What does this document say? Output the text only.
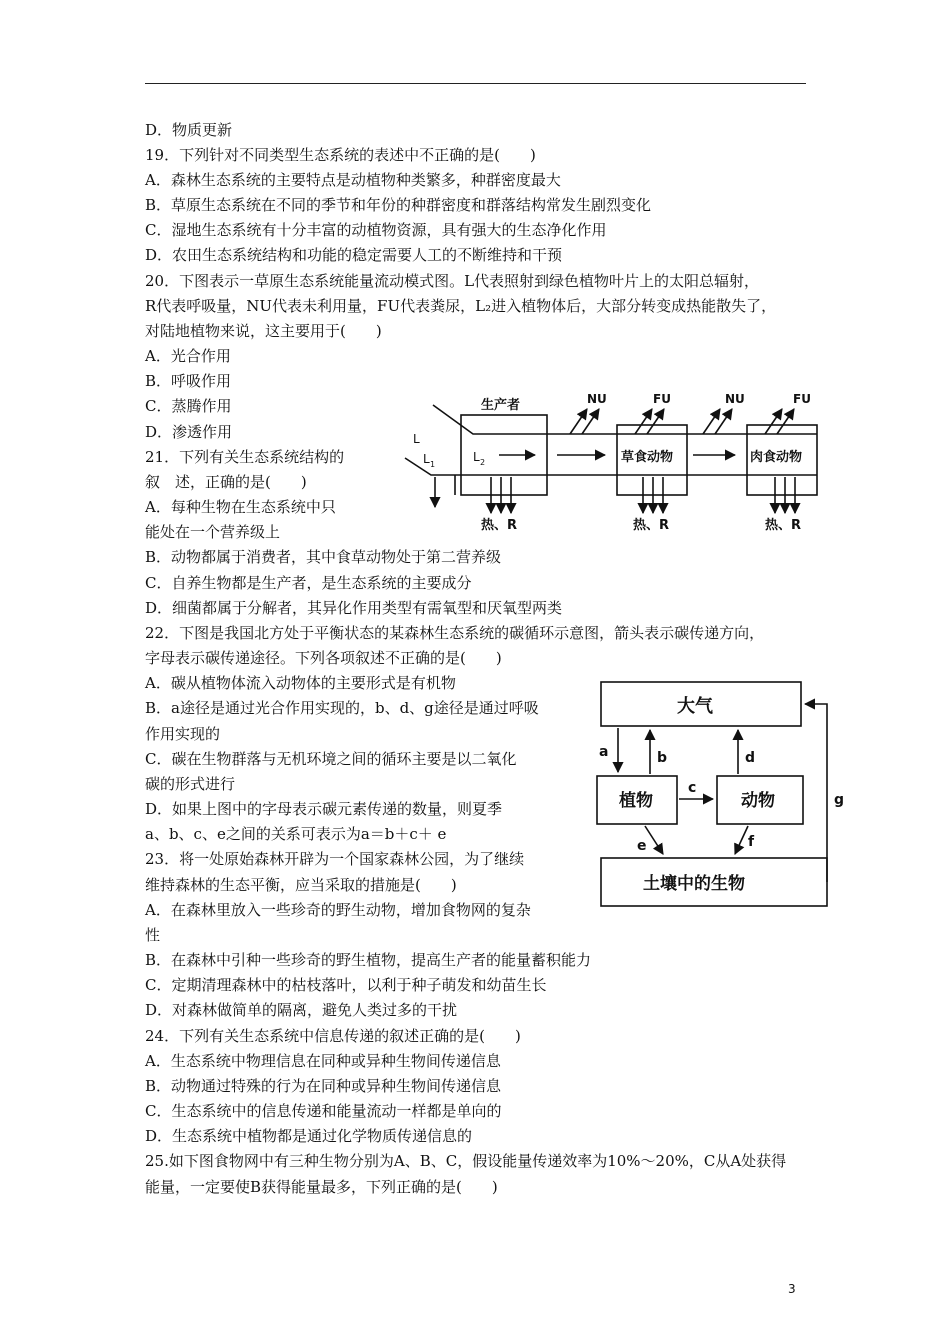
D．物质更新
19．下列针对不同类型生态系统的表述中不正确的是(　　)
A．森林生态系统的主要特点是动植物种类繁多，种群密度最大
B．草原生态系统在不同的季节和年份的种群密度和群落结构常发生剧烈变化
C．湿地生态系统有十分丰富的动植物资源，具有强大的生态净化作用
D．农田生态系统结构和功能的稳定需要人工的不断维持和干预
20．下图表示一草原生态系统能量流动模式图。L代表照射到绿色植物叶片上的太阳总辐射，
R代表呼吸量，NU代表未利用量，FU代表粪尿，L₂进入植物体后，大部分转变成热能散失了，
对陆地植物来说，这主要用于(　　)
A．光合作用
B．呼吸作用
C．蒸腾作用
D．渗透作用
21．下列有关生态系统结构的
叙　述，正确的是(　　)
A．每种生物在生态系统中只
能处在一个营养级上
B．动物都属于消费者，其中食草动物处于第二营养级
C．自养生物都是生产者，是生态系统的主要成分
D．细菌都属于分解者，其异化作用类型有需氧型和厌氧型两类
22．下图是我国北方处于平衡状态的某森林生态系统的碳循环示意图，箭头表示碳传递方向，
字母表示碳传递途径。下列各项叙述不正确的是(　　)
A．碳从植物体流入动物体的主要形式是有机物
B．a途径是通过光合作用实现的，b、d、g途径是通过呼吸
作用实现的
C．碳在生物群落与无机环境之间的循环主要是以二氧化
碳的形式进行
D．如果上图中的字母表示碳元素传递的数量，则夏季
a、b、c、e之间的关系可表示为a＝b＋c＋ e
23．将一处原始森林开辟为一个国家森林公园，为了继续
维持森林的生态平衡，应当采取的措施是(　　)
A．在森林里放入一些珍奇的野生动物，增加食物网的复杂
性
B．在森林中引种一些珍奇的野生植物，提高生产者的能量蓄积能力
C．定期清理森林中的枯枝落叶，以利于种子萌发和幼苗生长
D．对森林做简单的隔离，避免人类过多的干扰
24．下列有关生态系统中信息传递的叙述正确的是(　　)
A．生态系统中物理信息在同种或异种生物间传递信息
B．动物通过特殊的行为在同种或异种生物间传递信息
C．生态系统中的信息传递和能量流动一样都是单向的
D．生态系统中植物都是通过化学物质传递信息的
25.如下图食物网中有三种生物分别为A、B、C，假设能量传递效率为10%～20%，C从A处获得
能量，一定要使B获得能量最多，下列正确的是(　　)
生产者
草食动物	肉食动物
NU	FU	NU	FU
热、R	热、R	热、R
L
L 1
L 2
大气
植物	动物
土壤中的生物
a	b
c
d
e	f
g
3
